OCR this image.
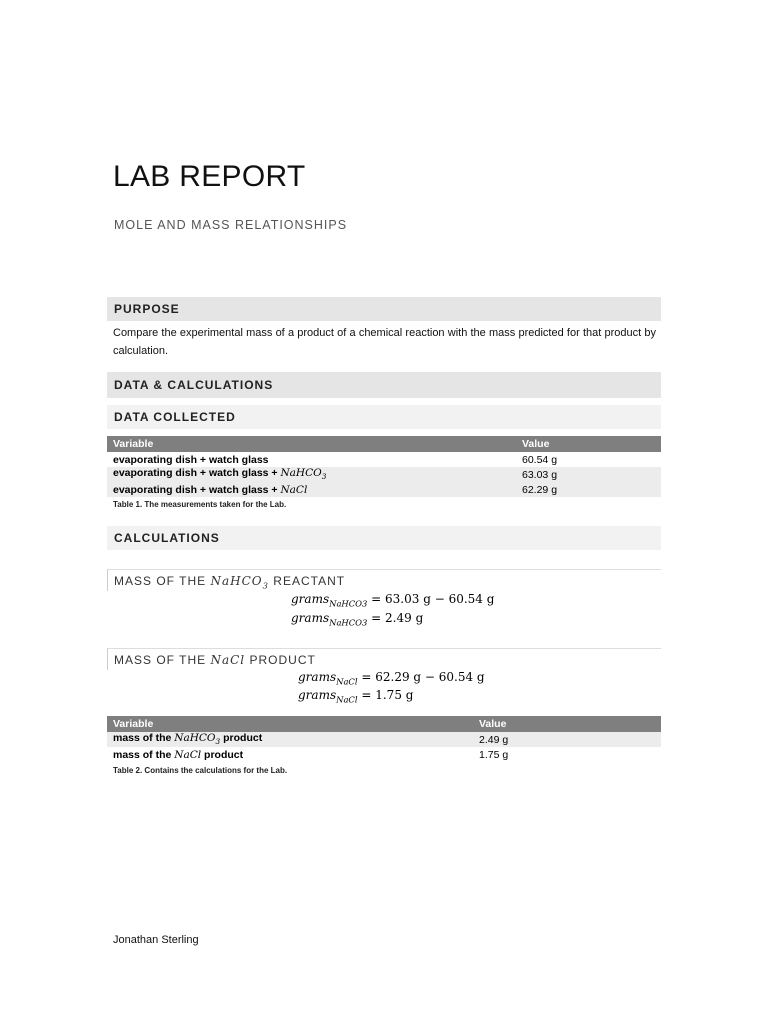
LAB REPORT
MOLE AND MASS RELATIONSHIPS
PURPOSE
Compare the experimental mass of a product of a chemical reaction with the mass predicted for that product by calculation.
DATA & CALCULATIONS
DATA COLLECTED
Variable	Value
evaporating dish + watch glass	60.54 g
evaporating dish + watch glass + NaHCO$_3$	63.03 g
evaporating dish + watch glass + NaCl	62.29 g
Table 1. The measurements taken for the Lab.
CALCULATIONS
MASS OF THE NaHCO$_3$ REACTANT
grams$_{NaHCO3}$ = 63.03 g − 60.54 g
grams$_{NaHCO3}$ = 2.49 g
MASS OF THE NaCl PRODUCT
grams$_{NaCl}$ = 62.29 g − 60.54 g
grams$_{NaCl}$ = 1.75 g
Variable	Value
mass of the NaHCO$_3$ product	2.49 g
mass of the NaCl product	1.75 g
Table 2. Contains the calculations for the Lab.
Jonathan Sterling
